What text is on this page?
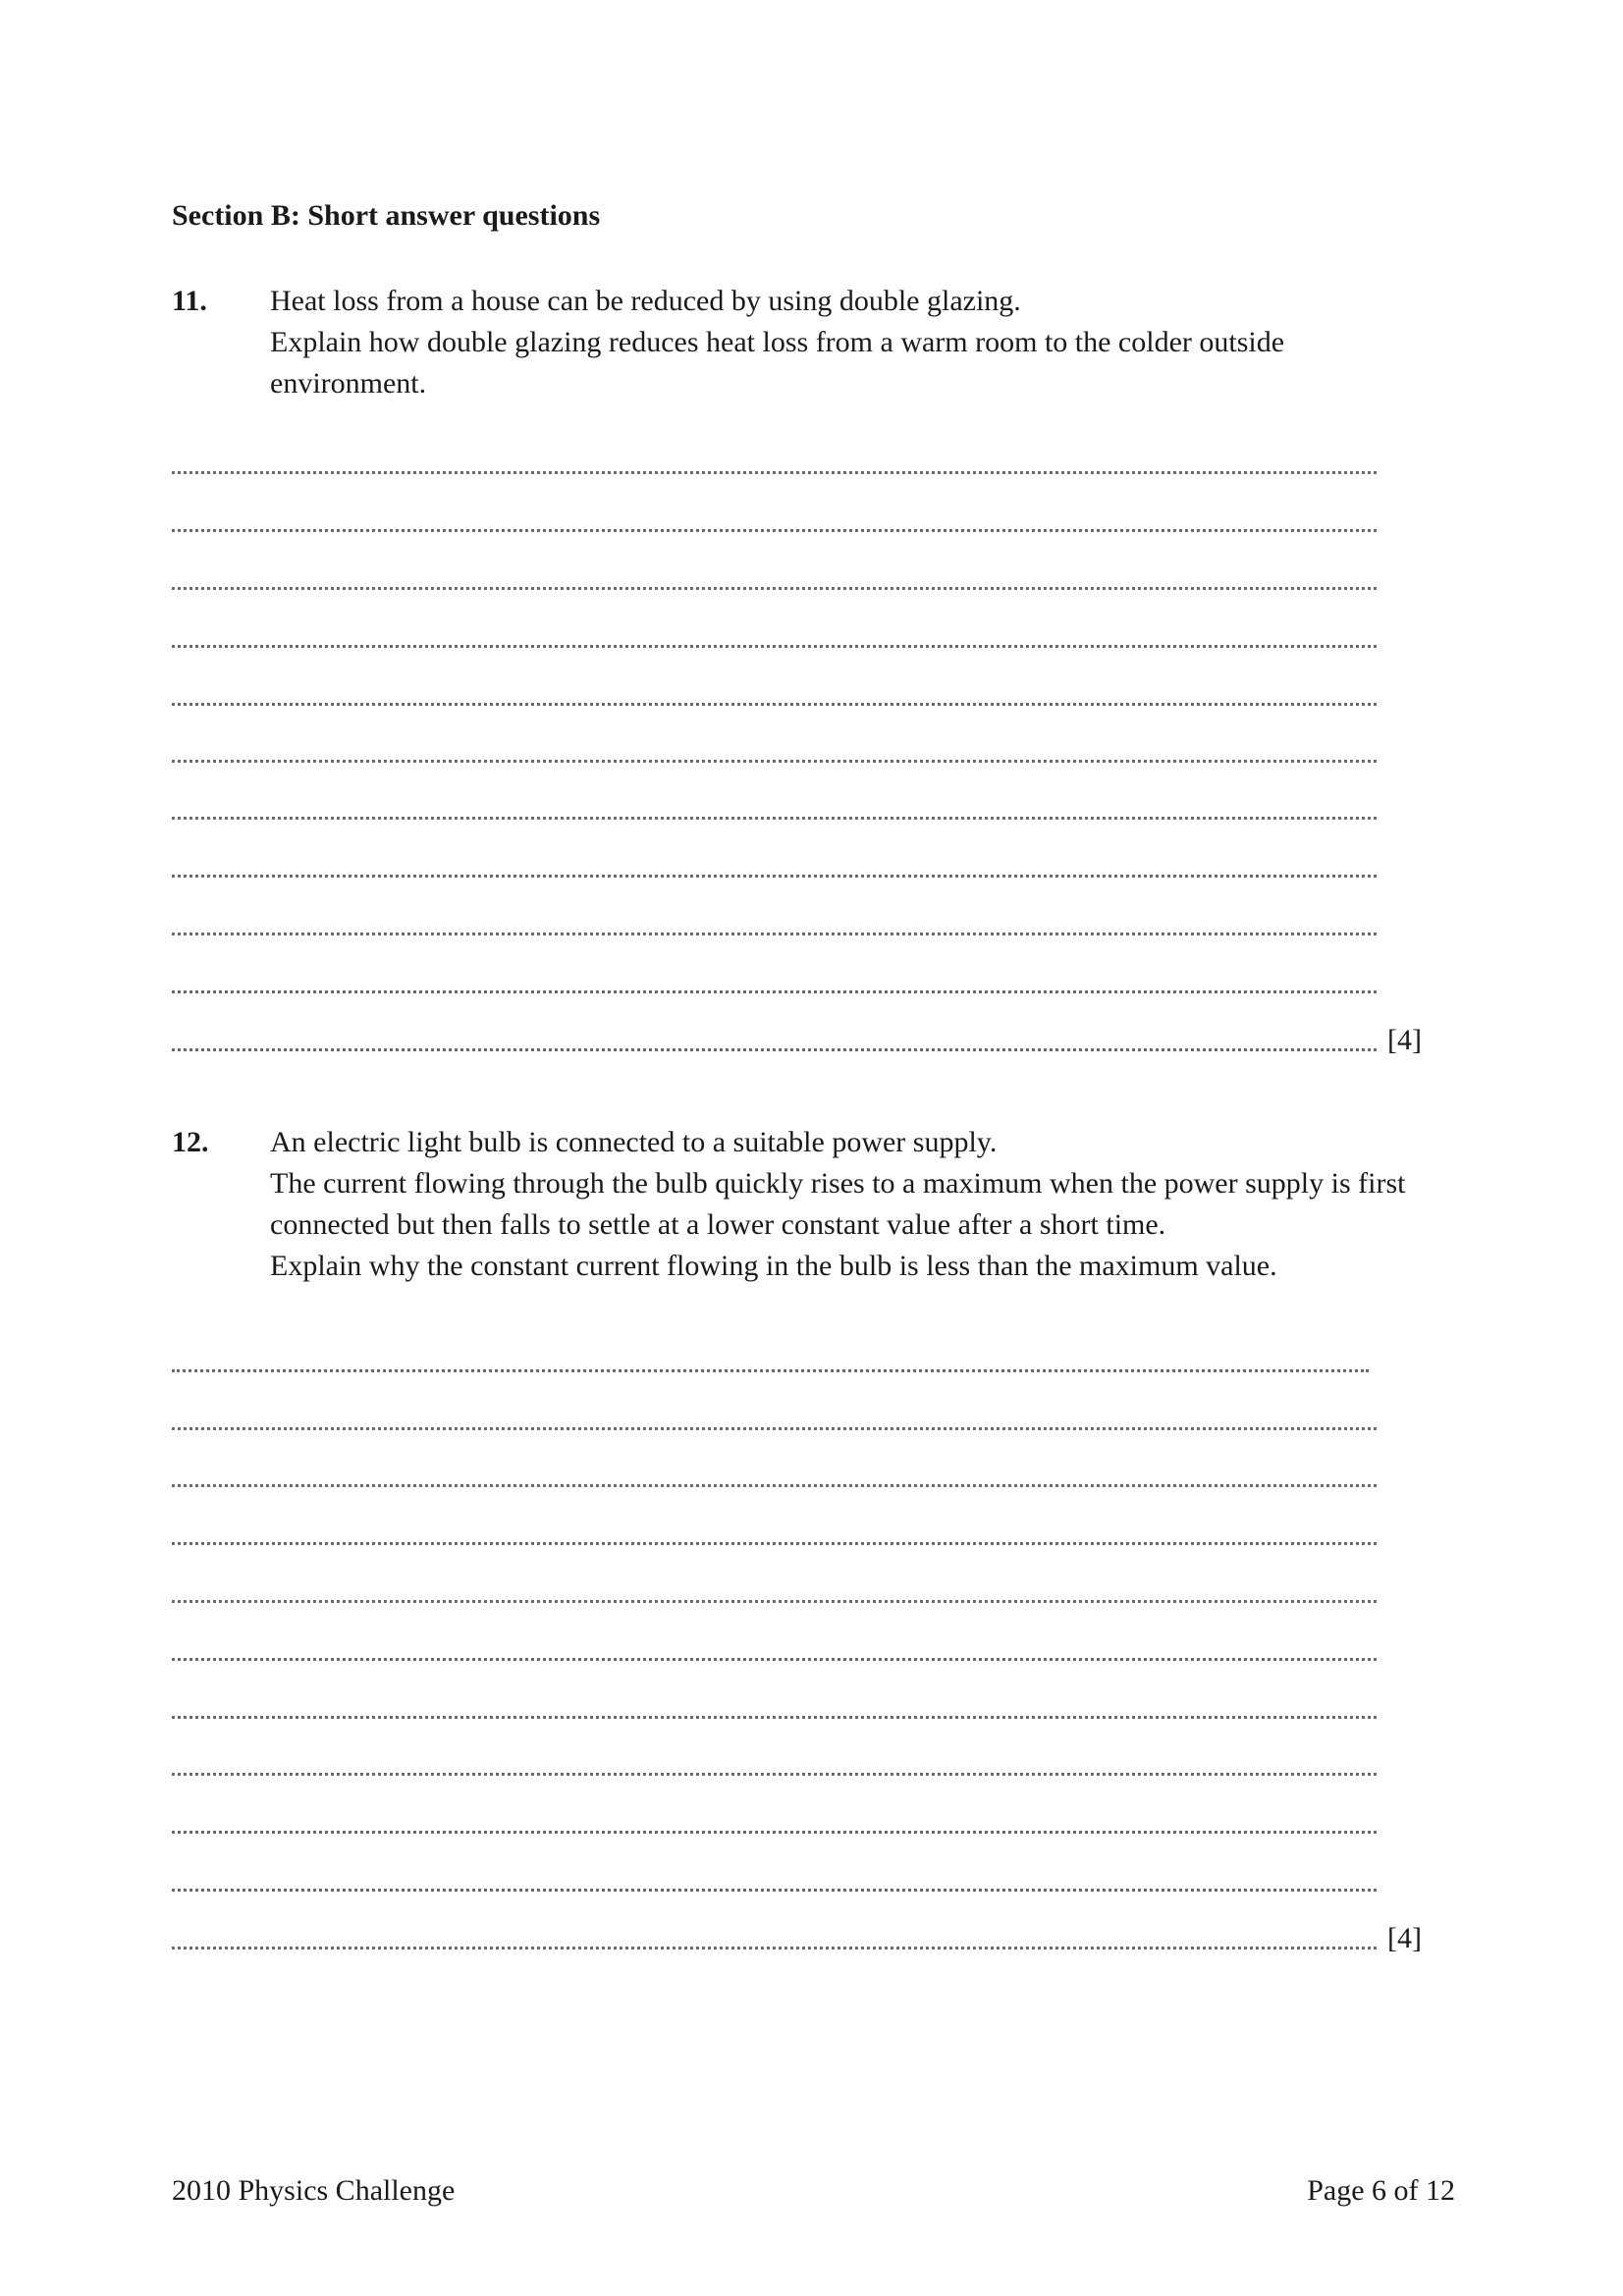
Section B: Short answer questions
11. Heat loss from a house can be reduced by using double glazing.

Explain how double glazing reduces heat loss from a warm room to the colder outside

environment.

[4]
12. An electric light bulb is connected to a suitable power supply.

The current flowing through the bulb quickly rises to a maximum when the power supply is first

connected but then falls to settle at a lower constant value after a short time.

Explain why the constant current flowing in the bulb is less than the maximum value.

[4]
2010 Physics Challenge	Page 6 of 12
